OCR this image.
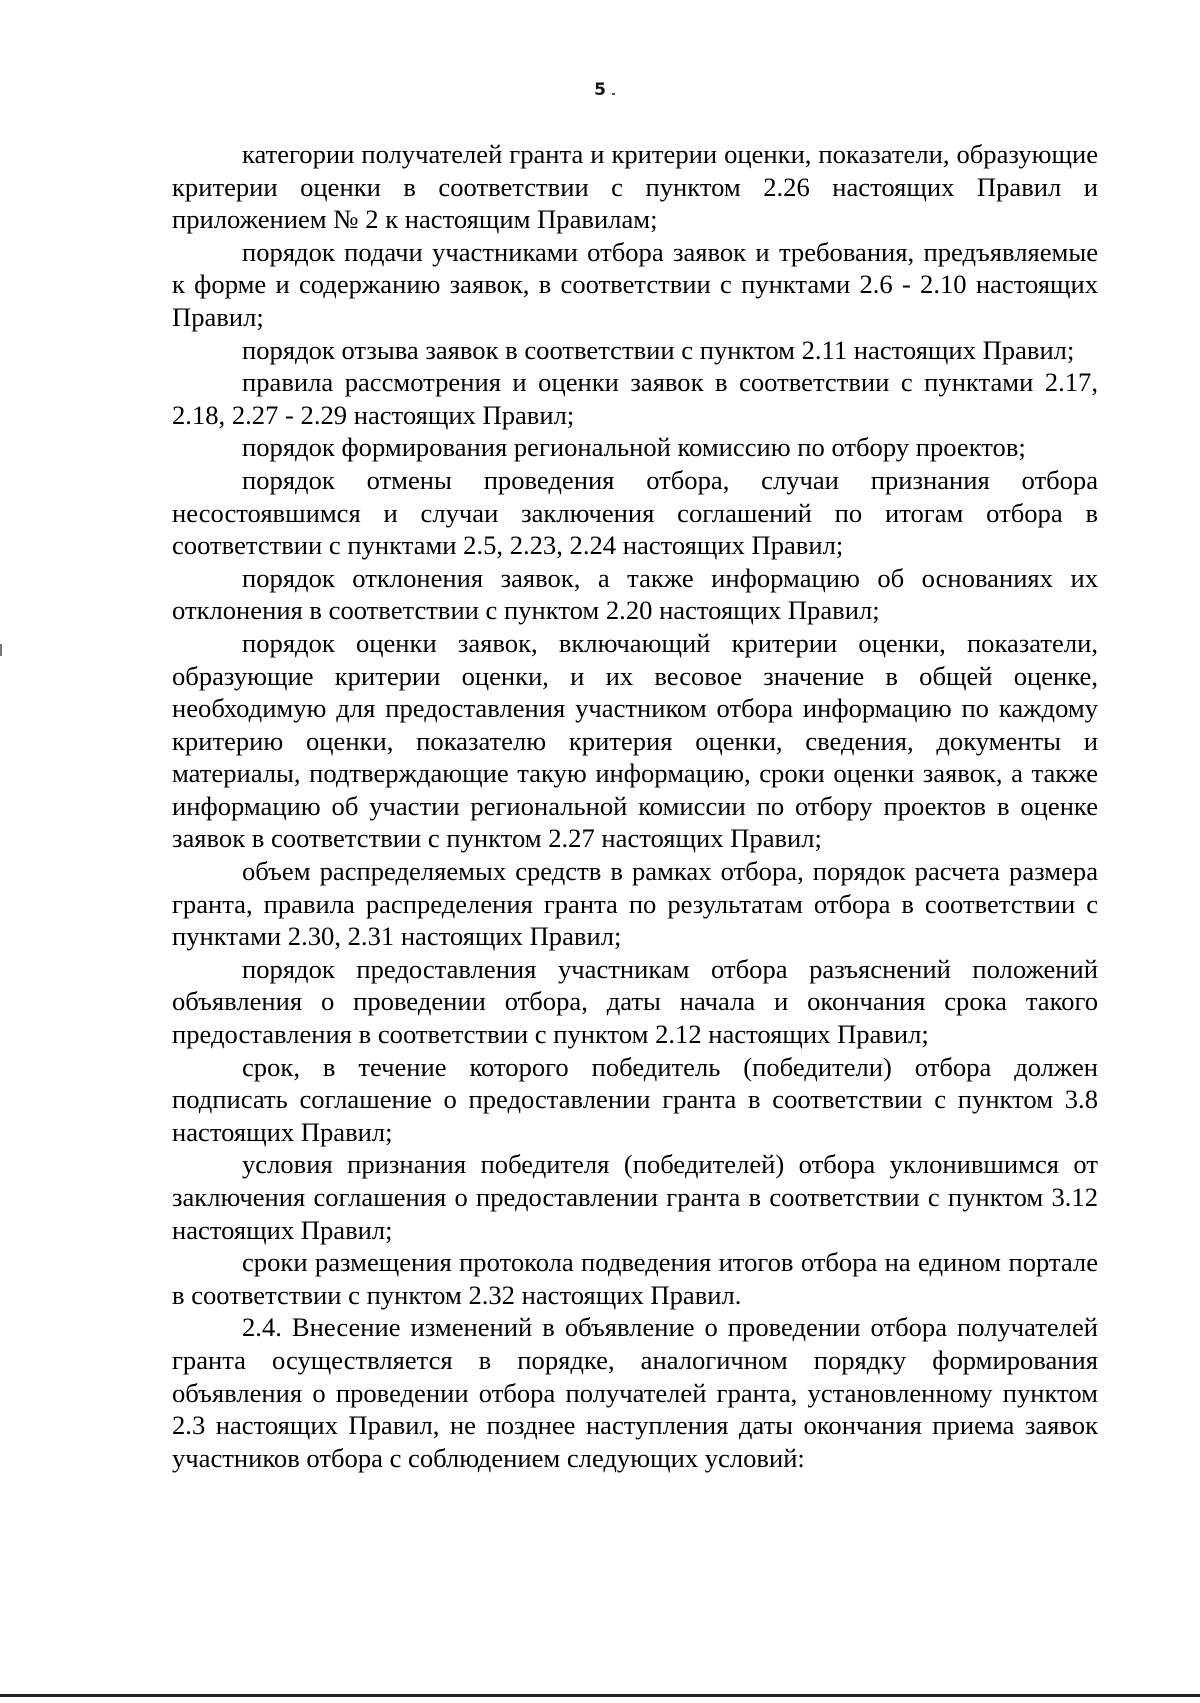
5

категории получателей гранта и критерии оценки, показатели, образующие критерии оценки в соответствии с пунктом 2.26 настоящих Правил и приложением № 2 к настоящим Правилам;

порядок подачи участниками отбора заявок и требования, предъявляемые к форме и содержанию заявок, в соответствии с пунктами 2.6 - 2.10 настоящих Правил;

порядок отзыва заявок в соответствии с пунктом 2.11 настоящих Правил;

правила рассмотрения и оценки заявок в соответствии с пунктами 2.17, 2.18, 2.27 - 2.29 настоящих Правил;

порядок формирования региональной комиссию по отбору проектов;

порядок отмены проведения отбора, случаи признания отбора несостоявшимся и случаи заключения соглашений по итогам отбора в соответствии с пунктами 2.5, 2.23, 2.24 настоящих Правил;

порядок отклонения заявок, а также информацию об основаниях их отклонения в соответствии с пунктом 2.20 настоящих Правил;

порядок оценки заявок, включающий критерии оценки, показатели, образующие критерии оценки, и их весовое значение в общей оценке, необходимую для предоставления участником отбора информацию по каждому критерию оценки, показателю критерия оценки, сведения, документы и материалы, подтверждающие такую информацию, сроки оценки заявок, а также информацию об участии региональной комиссии по отбору проектов в оценке заявок в соответствии с пунктом 2.27 настоящих Правил;

объем распределяемых средств в рамках отбора, порядок расчета размера гранта, правила распределения гранта по результатам отбора в соответствии с пунктами 2.30, 2.31 настоящих Правил;

порядок предоставления участникам отбора разъяснений положений объявления о проведении отбора, даты начала и окончания срока такого предоставления в соответствии с пунктом 2.12 настоящих Правил;

срок, в течение которого победитель (победители) отбора должен подписать соглашение о предоставлении гранта в соответствии с пунктом 3.8 настоящих Правил;

условия признания победителя (победителей) отбора уклонившимся от заключения соглашения о предоставлении гранта в соответствии с пунктом 3.12 настоящих Правил;

сроки размещения протокола подведения итогов отбора на едином портале в соответствии с пунктом 2.32 настоящих Правил.

2.4. Внесение изменений в объявление о проведении отбора получателей гранта осуществляется в порядке, аналогичном порядку формирования объявления о проведении отбора получателей гранта, установленному пунктом 2.3 настоящих Правил, не позднее наступления даты окончания приема заявок участников отбора с соблюдением следующих условий:
